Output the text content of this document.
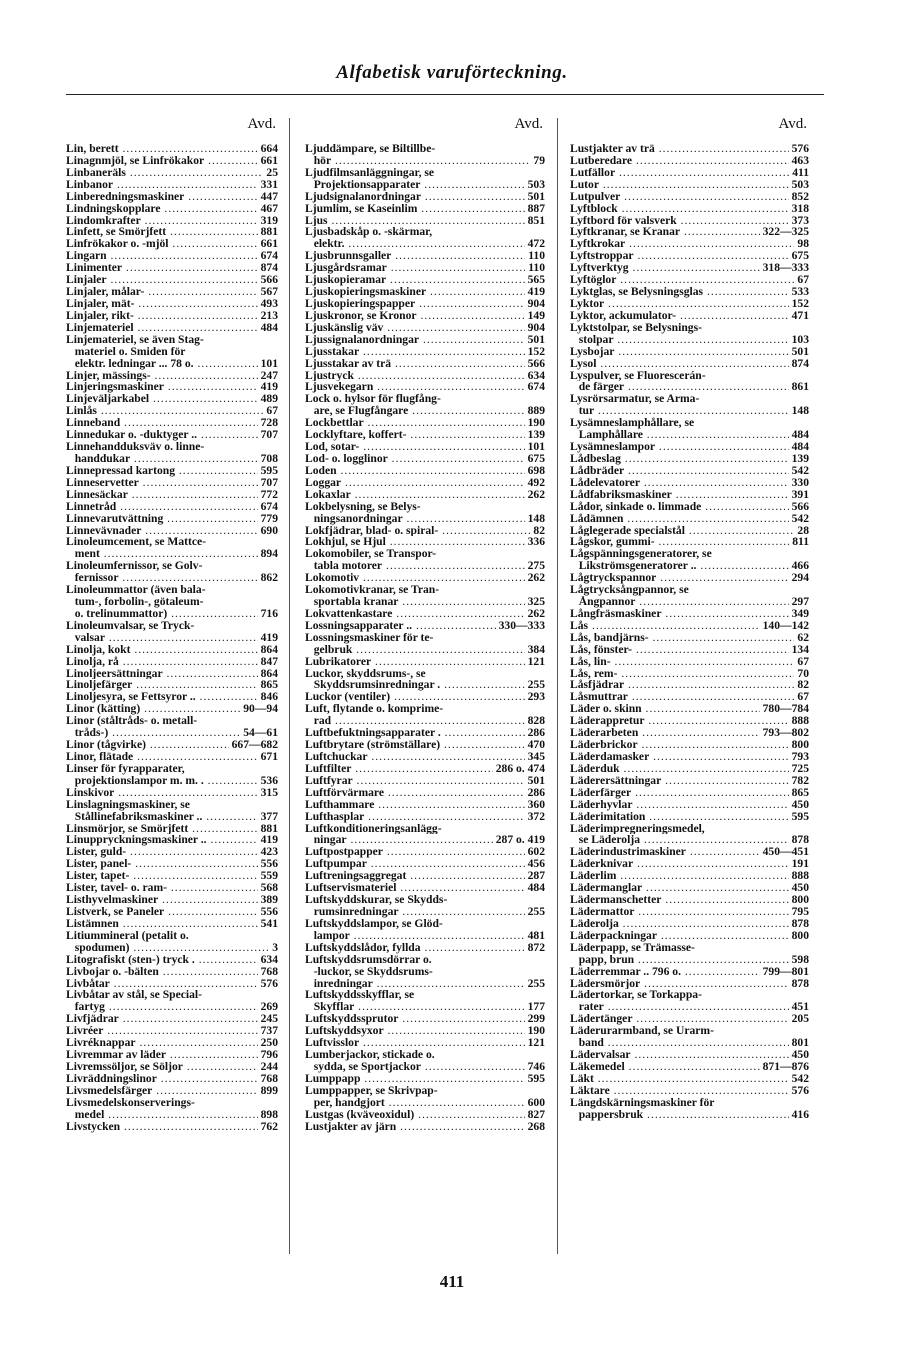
Alfabetisk varuförteckning.
Avd.
Lin, berett .....	664
Linagnmjöl, se Linfrökakor .....	661
Linbaneräls .....	25
Linbanor .....	331
Linberedningsmaskiner .....	447
Lindningskopplare .....	467
Lindomkrafter .....	319
Linfett, se Smörjfett .....	881
Linfrökakor o. -mjöl .....	661
Lingarn .....	674
Linimenter .....	874
Linjaler .....	566
Linjaler, målar- .....	567
Linjaler, mät- .....	493
Linjaler, rikt- .....	213
Linjemateriel .....	484
Linjemateriel, se även Stag-
materiel o. Smiden för
elektr. ledningar ... 78 o. .....	101
Linjer, mässings- .....	247
Linjeringsmaskiner .....	419
Linjeväljarkabel .....	489
Linlås .....	67
Linneband .....	728
Linnedukar o. -duktyger .. .....	707
Linnehandduksväv o. linne-
handdukar .....	708
Linnepressad kartong .....	595
Linneservetter .....	707
Linnesäckar .....	772
Linnetråd .....	674
Linnevarutvättning .....	779
Linnevävnader .....	690
Linoleumcement, se Mattce-
ment .....	894
Linoleumfernissor, se Golv-
fernissor .....	862
Linoleummattor (även bala-
tum-, forbolin-, götaleum-
o. trelinummattor) .....	716
Linoleumvalsar, se Tryck-
valsar .....	419
Linolja, kokt .....	864
Linolja, rå .....	847
Linoljeersättningar .....	864
Linoljefärger .....	865
Linoljesyra, se Fettsyror .. .....	846
Linor (kätting) .....	90—94
Linor (ståltråds- o. metall-
tråds-) .....	54—61
Linor (tågvirke) .....	667—682
Linor, flätade .....	671
Linser för fyrapparater,
projektionslampor m. m. . .....	536
Linskivor .....	315
Linslagningsmaskiner, se
Stållinefabriksmaskiner .. .....	377
Linsmörjor, se Smörjfett .....	881
Linuppryckningsmaskiner .. .....	419
Lister, guld- .....	423
Lister, panel- .....	556
Lister, tapet- .....	559
Lister, tavel- o. ram- .....	568
Listhyvelmaskiner .....	389
Listverk, se Paneler .....	556
Listämnen .....	541
Litiummineral (petalit o.
spodumen) .....	3
Litografiskt (sten-) tryck . .....	634
Livbojar o. -bälten .....	768
Livbåtar .....	576
Livbåtar av stål, se Special-
fartyg .....	269
Livfjädrar .....	245
Livréer .....	737
Livréknappar .....	250
Livremmar av läder .....	796
Livremssöljor, se Söljor .....	244
Livräddningslinor .....	768
Livsmedelsfärger .....	899
Livsmedelskonserverings-
medel .....	898
Livstycken .....	762
Avd.
Ljuddämpare, se Biltillbe-
hör .....	79
Ljudfilmsanläggningar, se
Projektionsapparater .....	503
Ljudsignalanordningar .....	501
Ljumlim, se Kaseinlim .....	887
Ljus .....	851
Ljusbadskåp o. -skärmar,
elektr. .....	472
Ljusbrunnsgaller .....	110
Ljusgårdsramar .....	110
Ljuskopieramar .....	565
Ljuskopieringsmaskiner .....	419
Ljuskopieringspapper .....	904
Ljuskronor, se Kronor .....	149
Ljuskänslig väv .....	904
Ljussignalanordningar .....	501
Ljusstakar .....	152
Ljusstakar av trä .....	566
Ljustryck .....	634
Ljusvekegarn .....	674
Lock o. hylsor för flugfång-
are, se Flugfångare .....	889
Lockbettlar .....	190
Locklyftare, koffert- .....	139
Lod, sotar- .....	101
Lod- o. logglinor .....	675
Loden .....	698
Loggar .....	492
Lokaxlar .....	262
Lokbelysning, se Belys-
ningsanordningar .....	148
Lokfjädrar, blad- o. spiral- .....	82
Lokhjul, se Hjul .....	336
Lokomobiler, se Transpor-
tabla motorer .....	275
Lokomotiv .....	262
Lokomotivkranar, se Tran-
sportabla kranar .....	325
Lokvattenkastare .....	262
Lossningsapparater .. .....	330—333
Lossningsmaskiner för te-
gelbruk .....	384
Lubrikatorer .....	121
Luckor, skyddsrums-, se
Skyddsrumsinredningar . .....	255
Luckor (ventiler) .....	293
Luft, flytande o. komprime-
rad .....	828
Luftbefuktningsapparater . .....	286
Luftbrytare (strömställare) .....	470
Luftchuckar .....	345
Luftfilter .....	286 o. 474
Luftfyrar .....	501
Luftförvärmare .....	286
Lufthammare .....	360
Lufthasplar .....	372
Luftkonditioneringsanlägg-
ningar .....	287 o. 419
Luftpostpapper .....	602
Luftpumpar .....	456
Luftreningsaggregat .....	287
Luftservismateriel .....	484
Luftskyddskurar, se Skydds-
rumsinredningar .....	255
Luftskyddslampor, se Glöd-
lampor .....	481
Luftskyddslådor, fyllda .....	872
Luftskyddsrumsdörrar o.
-luckor, se Skyddsrums-
inredningar .....	255
Luftskyddsskyfflar, se
Skyfflar .....	177
Luftskyddssprutor .....	299
Luftskyddsyxor .....	190
Luftvisslor .....	121
Lumberjackor, stickade o.
sydda, se Sportjackor .....	746
Lumppapp .....	595
Lumppapper, se Skrivpap-
per, handgjort .....	600
Lustgas (kväveoxidul) .....	827
Lustjakter av järn .....	268
Avd.
Lustjakter av trä .....	576
Lutberedare .....	463
Lutfällor .....	411
Lutor .....	503
Lutpulver .....	852
Lyftblock .....	318
Lyftbord för valsverk .....	373
Lyftkranar, se Kranar .....	322—325
Lyftkrokar .....	98
Lyftstroppar .....	675
Lyftverktyg .....	318—333
Lyftöglor .....	67
Lyktglas, se Belysningsglas .....	533
Lyktor .....	152
Lyktor, ackumulator- .....	471
Lyktstolpar, se Belysnings-
stolpar .....	103
Lysbojar .....	501
Lysol .....	874
Lyspulver, se Fluorescerán-
de färger .....	861
Lysrörsarmatur, se Arma-
tur .....	148
Lysämneslamphållare, se
Lamphållare .....	484
Lysämneslampor .....	484
Lådbeslag .....	139
Lådbräder .....	542
Lådelevatorer .....	330
Lådfabriksmaskiner .....	391
Lådor, sinkade o. limmade .....	566
Lådämnen .....	542
Låglegerade specialstål .....	28
Lågskor, gummi- .....	811
Lågspänningsgeneratorer, se
Likströmsgeneratorer .. .....	466
Lågtryckspannor .....	294
Lågtrycksångpannor, se
Ångpannor .....	297
Långfräsmaskiner .....	349
Lås .....	140—142
Lås, bandjärns- .....	62
Lås, fönster- .....	134
Lås, lin- .....	67
Lås, rem- .....	70
Låsfjädrar .....	82
Låsmuttrar .....	67
Läder o. skinn .....	780—784
Läderappretur .....	888
Läderarbeten .....	793—802
Läderbrickor .....	800
Läderdamasker .....	793
Läderduk .....	725
Läderersättningar .....	782
Läderfärger .....	865
Läderhyvlar .....	450
Läderimitation .....	595
Läderimpregneringsmedel,
se Läderolja .....	878
Läderindustrimaskiner .....	450—451
Läderknivar .....	191
Läderlim .....	888
Lädermanglar .....	450
Lädermanschetter .....	800
Lädermattor .....	795
Läderolja .....	878
Läderpackningar .....	800
Läderpapp, se Trämasse-
papp, brun .....	598
Läderremmar .. 796 o. .....	799—801
Lädersmörjor .....	878
Lädertorkar, se Torkappa-
rater .....	451
Lädertänger .....	205
Läderurarmband, se Urarm-
band .....	801
Lädervalsar .....	450
Läkemedel .....	871—876
Läkt .....	542
Läktare .....	576
Längdskärningsmaskiner för
pappersbruk .....	416
411
